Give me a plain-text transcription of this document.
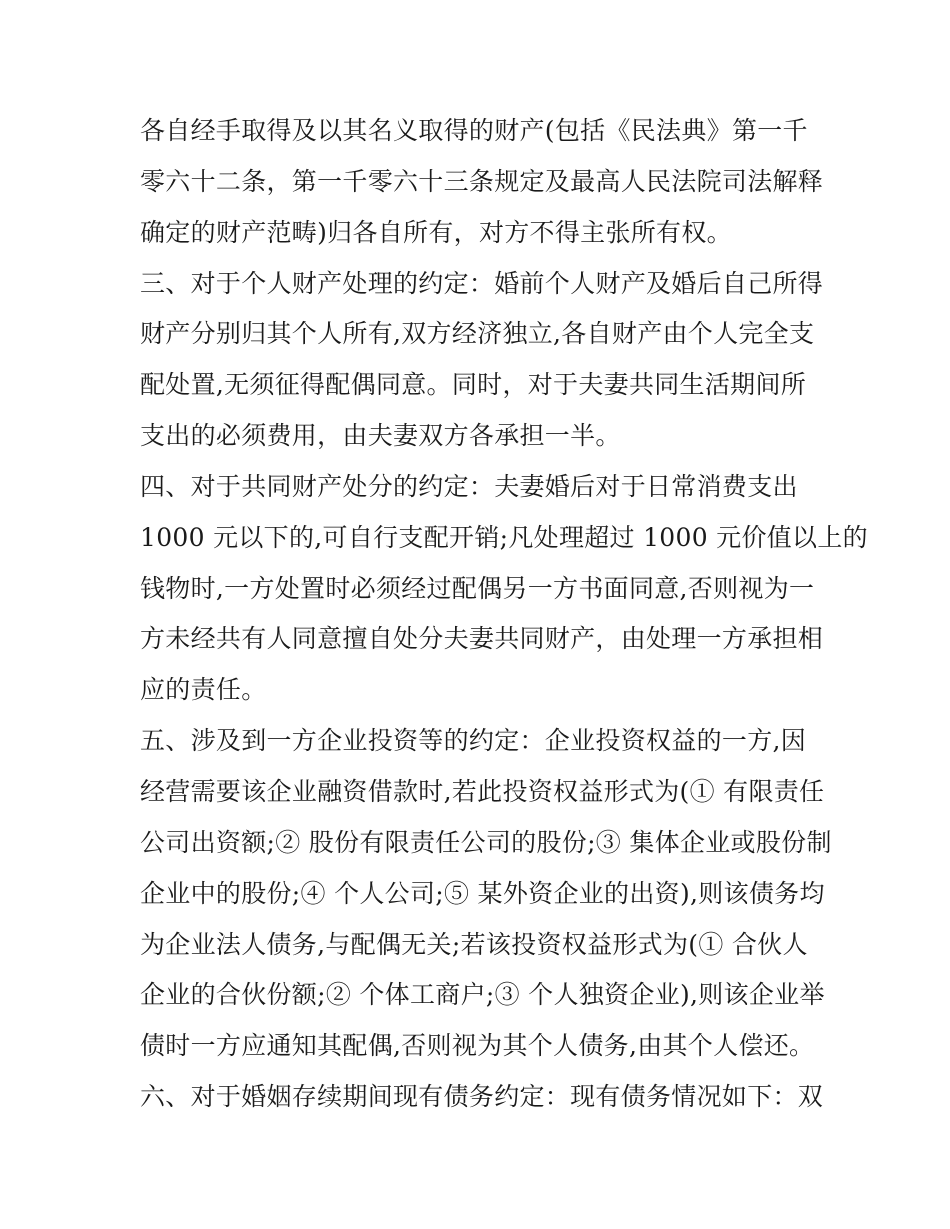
各自经手取得及以其名义取得的财产(包括《民法典》第一千
零六十二条，第一千零六十三条规定及最高人民法院司法解释
确定的财产范畴)归各自所有，对方不得主张所有权。
三、对于个人财产处理的约定：婚前个人财产及婚后自己所得
财产分别归其个人所有,双方经济独立,各自财产由个人完全支
配处置,无须征得配偶同意。同时，对于夫妻共同生活期间所
支出的必须费用，由夫妻双方各承担一半。
四、对于共同财产处分的约定：夫妻婚后对于日常消费支出
1000 元以下的,可自行支配开销;凡处理超过 1000 元价值以上的
钱物时,一方处置时必须经过配偶另一方书面同意,否则视为一
方未经共有人同意擅自处分夫妻共同财产，由处理一方承担相
应的责任。
五、涉及到一方企业投资等的约定：企业投资权益的一方,因
经营需要该企业融资借款时,若此投资权益形式为(① 有限责任
公司出资额;② 股份有限责任公司的股份;③ 集体企业或股份制
企业中的股份;④ 个人公司;⑤ 某外资企业的出资),则该债务均
为企业法人债务,与配偶无关;若该投资权益形式为(① 合伙人
企业的合伙份额;② 个体工商户;③ 个人独资企业),则该企业举
债时一方应通知其配偶,否则视为其个人债务,由其个人偿还。
六、对于婚姻存续期间现有债务约定：现有债务情况如下：双
